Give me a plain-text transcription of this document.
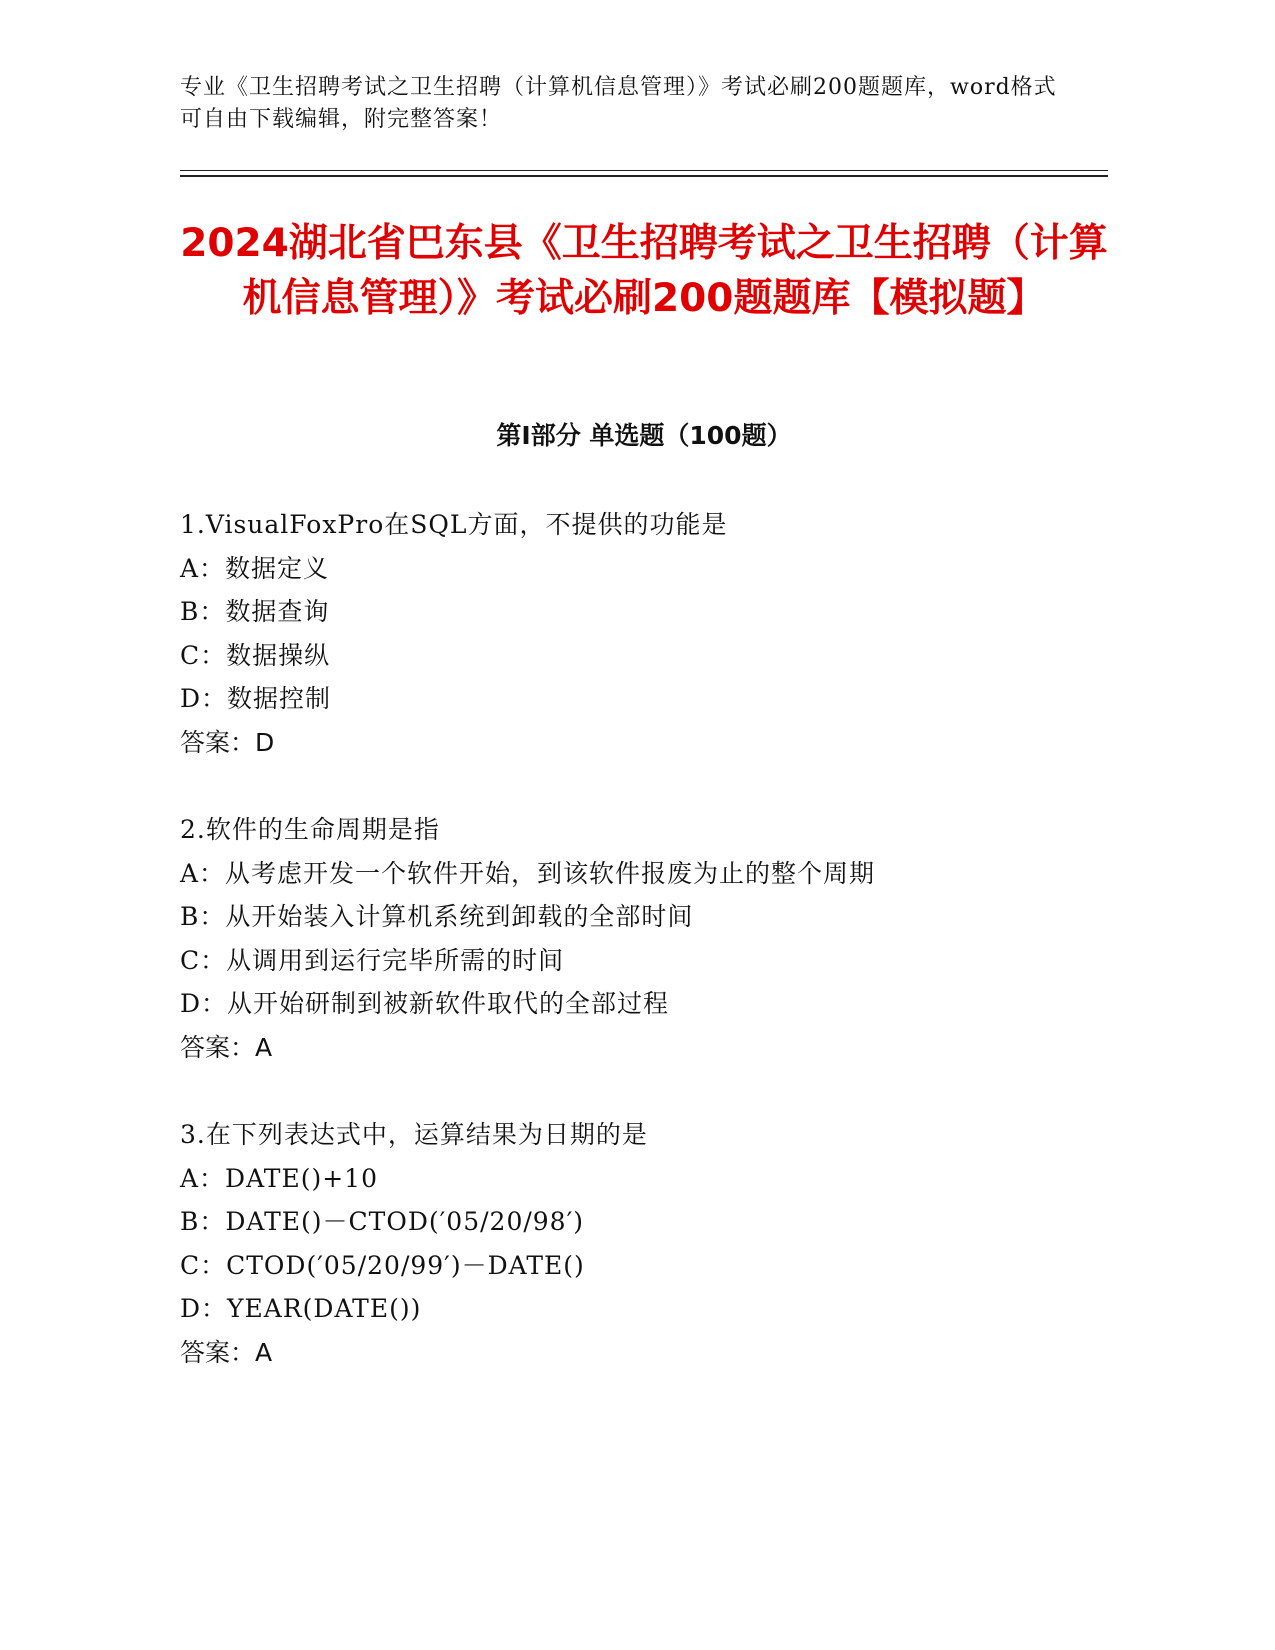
专业《卫生招聘考试之卫生招聘（计算机信息管理）》考试必刷200题题库，word格式可自由下载编辑，附完整答案！
2024湖北省巴东县《卫生招聘考试之卫生招聘（计算机信息管理）》考试必刷200题题库【模拟题】
第I部分 单选题（100题）
1.VisualFoxPro在SQL方面，不提供的功能是
A：数据定义
B：数据查询
C：数据操纵
D：数据控制
答案：D
2.软件的生命周期是指
A：从考虑开发一个软件开始，到该软件报废为止的整个周期
B：从开始装入计算机系统到卸载的全部时间
C：从调用到运行完毕所需的时间
D：从开始研制到被新软件取代的全部过程
答案：A
3.在下列表达式中，运算结果为日期的是
A：DATE()+10
B：DATE()－CTOD(′05/20/98′)
C：CTOD(′05/20/99′)－DATE()
D：YEAR(DATE())
答案：A
